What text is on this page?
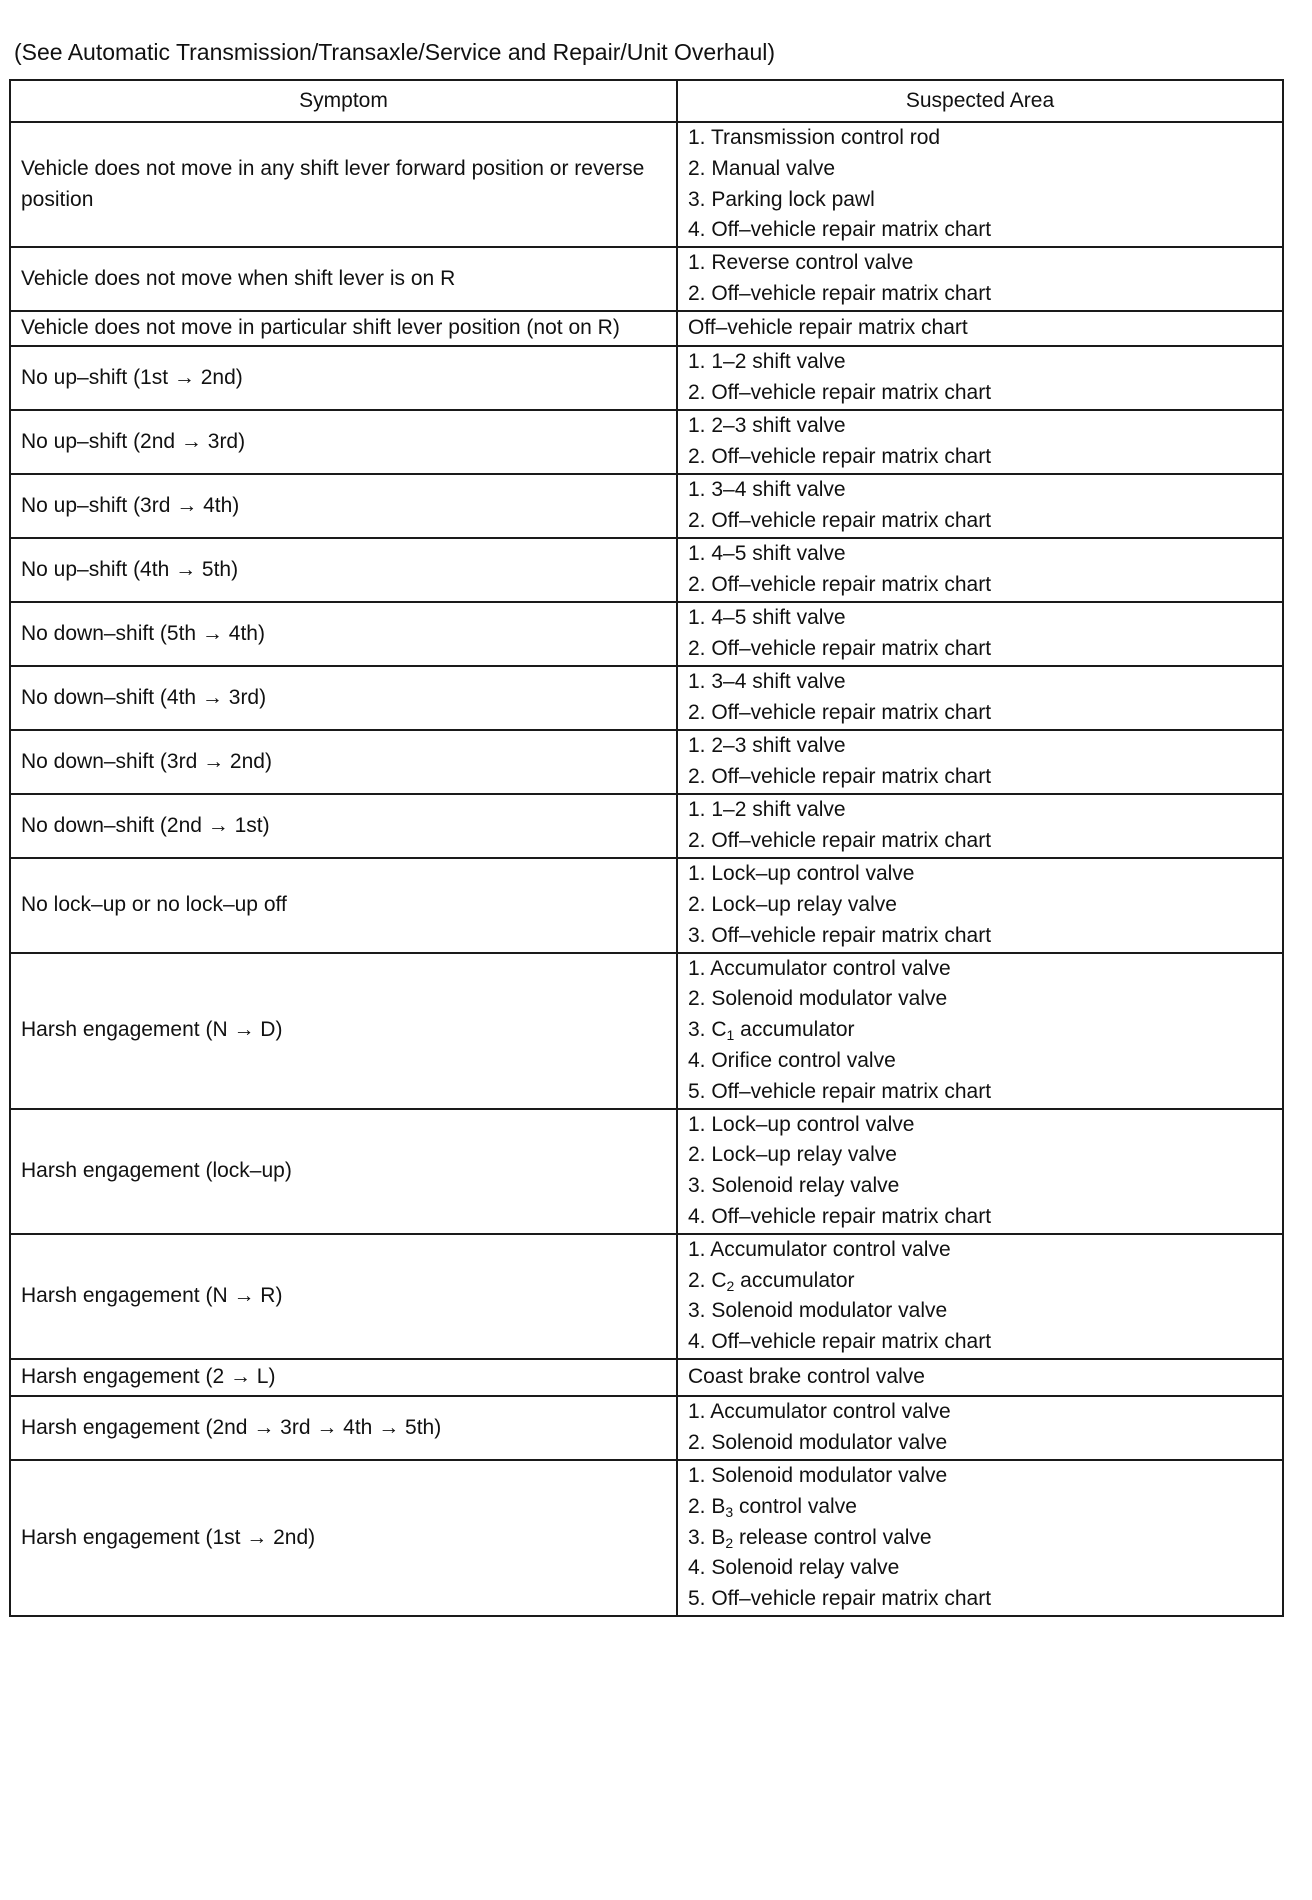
(See Automatic Transmission/Transaxle/Service and Repair/Unit Overhaul)
Symptom	Suspected Area

Vehicle does not move in any shift lever forward position or reverse position	1. Transmission control rod
2. Manual valve
3. Parking lock pawl
4. Off–vehicle repair matrix chart

Vehicle does not move when shift lever is on R	1. Reverse control valve
2. Off–vehicle repair matrix chart

Vehicle does not move in particular shift lever position (not on R)	Off–vehicle repair matrix chart

No up–shift (1st → 2nd)	1. 1–2 shift valve
2. Off–vehicle repair matrix chart

No up–shift (2nd → 3rd)	1. 2–3 shift valve
2. Off–vehicle repair matrix chart

No up–shift (3rd → 4th)	1. 3–4 shift valve
2. Off–vehicle repair matrix chart

No up–shift (4th → 5th)	1. 4–5 shift valve
2. Off–vehicle repair matrix chart

No down–shift (5th → 4th)	1. 4–5 shift valve
2. Off–vehicle repair matrix chart

No down–shift (4th → 3rd)	1. 3–4 shift valve
2. Off–vehicle repair matrix chart

No down–shift (3rd → 2nd)	1. 2–3 shift valve
2. Off–vehicle repair matrix chart

No down–shift (2nd → 1st)	1. 1–2 shift valve
2. Off–vehicle repair matrix chart

No lock–up or no lock–up off	1. Lock–up control valve
2. Lock–up relay valve
3. Off–vehicle repair matrix chart

Harsh engagement (N → D)	1. Accumulator control valve
2. Solenoid modulator valve
3. $C_1$ accumulator
4. Orifice control valve
5. Off–vehicle repair matrix chart

Harsh engagement (lock–up)	1. Lock–up control valve
2. Lock–up relay valve
3. Solenoid relay valve
4. Off–vehicle repair matrix chart

Harsh engagement (N → R)	1. Accumulator control valve
2. $C_2$ accumulator
3. Solenoid modulator valve
4. Off–vehicle repair matrix chart

Harsh engagement (2 → L)	Coast brake control valve

Harsh engagement (2nd → 3rd → 4th → 5th)	1. Accumulator control valve
2. Solenoid modulator valve

Harsh engagement (1st → 2nd)	1. Solenoid modulator valve
2. $B_3$ control valve
3. $B_2$ release control valve
4. Solenoid relay valve
5. Off–vehicle repair matrix chart
